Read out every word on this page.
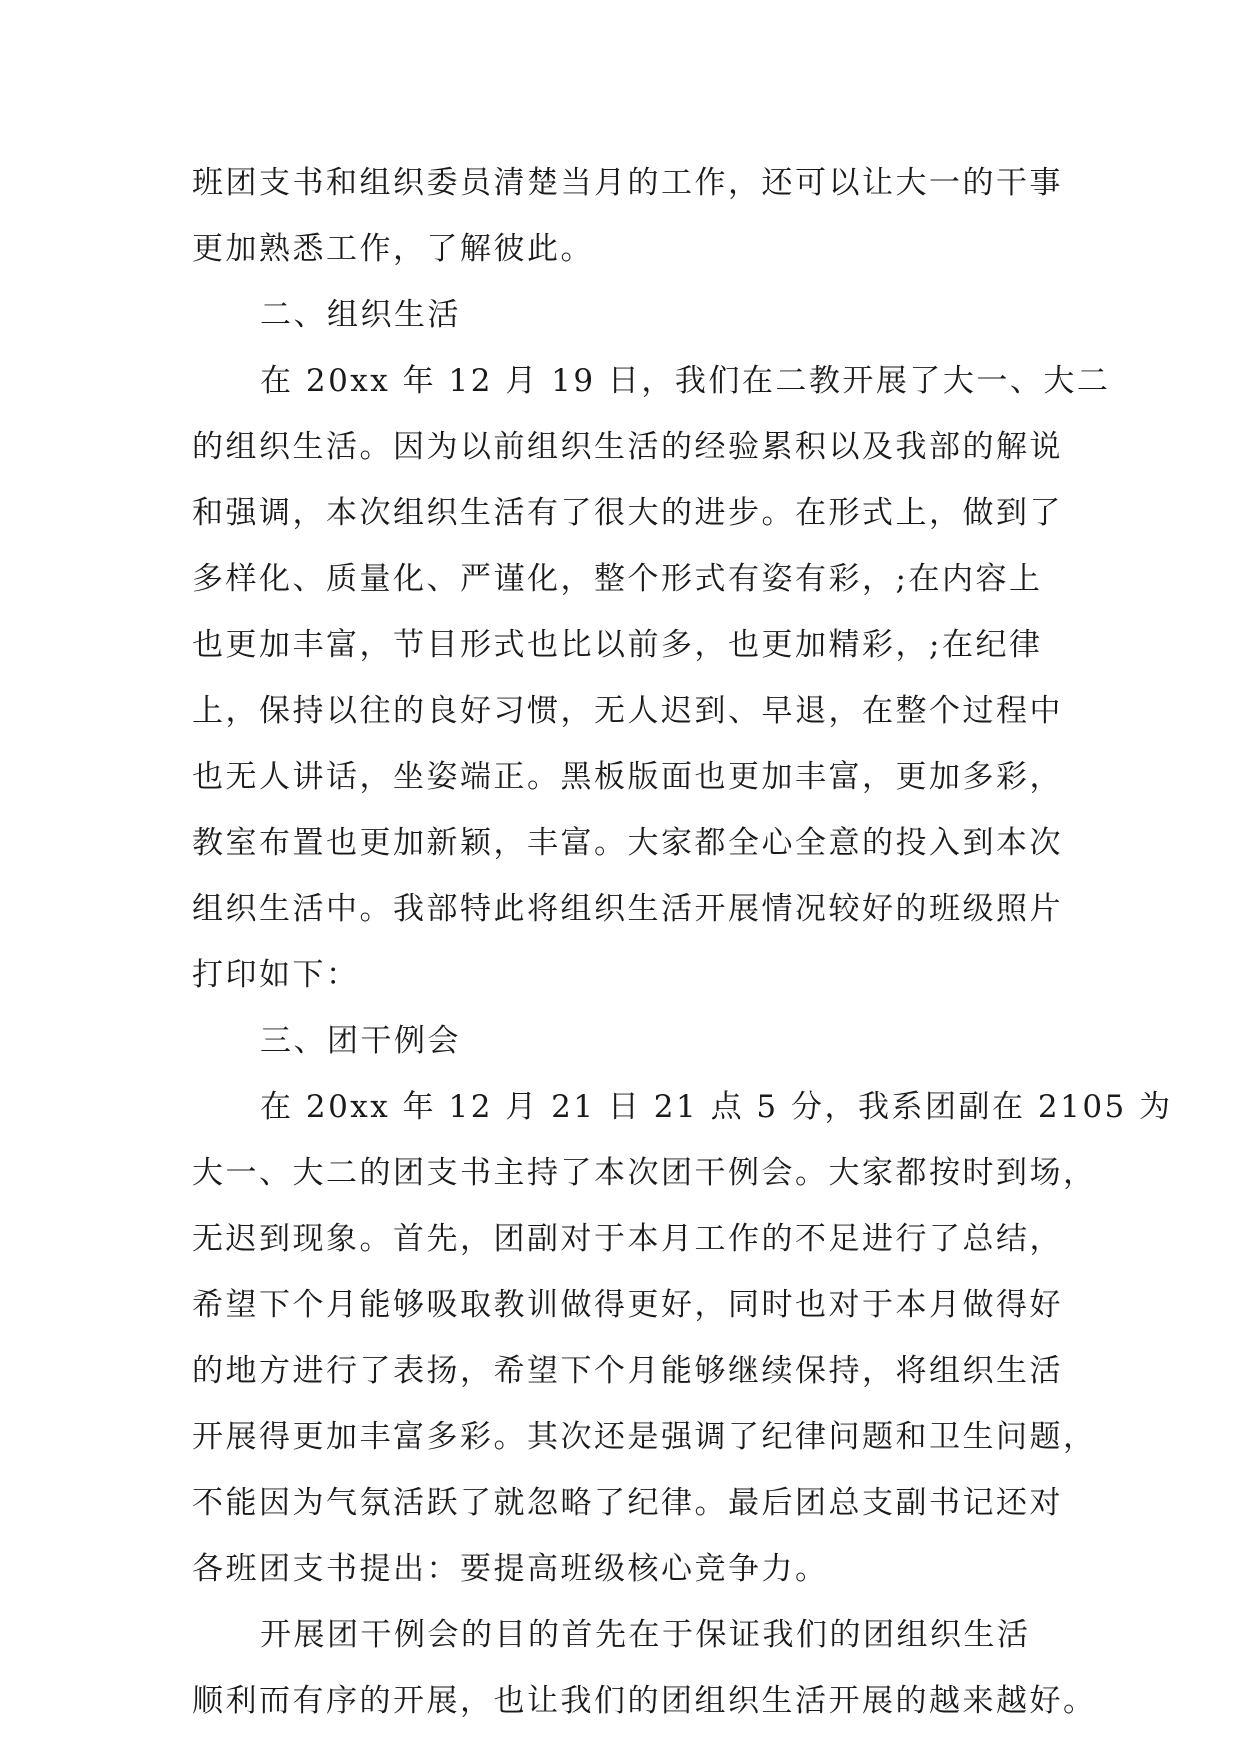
班团支书和组织委员清楚当月的工作，还可以让大一的干事
更加熟悉工作，了解彼此。
二、组织生活
在 20xx 年 12 月 19 日，我们在二教开展了大一、大二
的组织生活。因为以前组织生活的经验累积以及我部的解说
和强调，本次组织生活有了很大的进步。在形式上，做到了
多样化、质量化、严谨化，整个形式有姿有彩，;在内容上
也更加丰富，节目形式也比以前多，也更加精彩，;在纪律
上，保持以往的良好习惯，无人迟到、早退，在整个过程中
也无人讲话，坐姿端正。黑板版面也更加丰富，更加多彩，
教室布置也更加新颖，丰富。大家都全心全意的投入到本次
组织生活中。我部特此将组织生活开展情况较好的班级照片
打印如下：
三、团干例会
在 20xx 年 12 月 21 日 21 点 5 分，我系团副在 2105 为
大一、大二的团支书主持了本次团干例会。大家都按时到场，
无迟到现象。首先，团副对于本月工作的不足进行了总结，
希望下个月能够吸取教训做得更好，同时也对于本月做得好
的地方进行了表扬，希望下个月能够继续保持，将组织生活
开展得更加丰富多彩。其次还是强调了纪律问题和卫生问题，
不能因为气氛活跃了就忽略了纪律。最后团总支副书记还对
各班团支书提出：要提高班级核心竞争力。
开展团干例会的目的首先在于保证我们的团组织生活
顺利而有序的开展，也让我们的团组织生活开展的越来越好。
